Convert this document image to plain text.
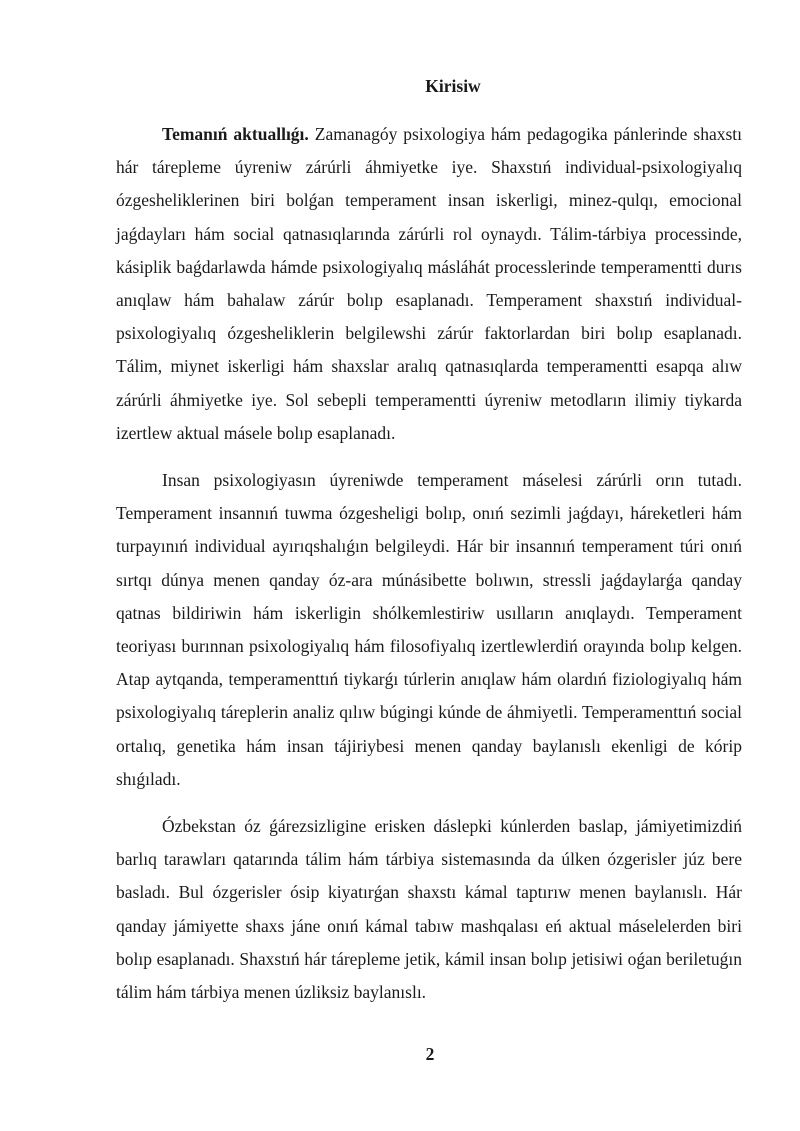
Kirisiw

Temanıń aktuallıǵı. Zamanagóy psixologiya hám pedagogika pánlerinde shaxstı hár tárepleme úyreniw zárúrli áhmiyetke iye. Shaxstıń individual-psixologiyalıq ózgesheliklerinen biri bolǵan temperament insan iskerligi, minez-qulqı, emocional jaǵdayları hám social qatnasıqlarında zárúrli rol oynaydı. Tálim-tárbiya processinde, kásiplik baǵdarlawda hámde psixologiyalıq másláhát processlerinde temperamentti durıs anıqlaw hám bahalaw zárúr bolıp esaplanadı. Temperament shaxstıń individual-psixologiyalıq ózgesheliklerin belgilewshi zárúr faktorlardan biri bolıp esaplanadı. Tálim, miynet iskerligi hám shaxslar aralıq qatnasıqlarda temperamentti esapqa alıw zárúrli áhmiyetke iye. Sol sebepli temperamentti úyreniw metodların ilimiy tiykarda izertlew aktual másele bolıp esaplanadı.

Insan psixologiyasın úyreniwde temperament máselesi zárúrli orın tutadı. Temperament insannıń tuwma ózgesheligi bolıp, onıń sezimli jaǵdayı, háreketleri hám turpayınıń individual ayırıqshalıǵın belgileydi. Hár bir insannıń temperament túri onıń sırtqı dúnya menen qanday óz-ara múnásibette bolıwın, stressli jaǵdaylarǵa qanday qatnas bildiriwin hám iskerligin shólkemlestiriw usılların anıqlaydı. Temperament teoriyası burınnan psixologiyalıq hám filosofiyalıq izertlewlerdiń orayında bolıp kelgen. Atap aytqanda, temperamenttıń tiykarǵı túrlerin anıqlaw hám olardıń fiziologiyalıq hám psixologiyalıq táreplerin analiz qılıw búgingi kúnde de áhmiyetli. Temperamenttıń social ortalıq, genetika hám insan tájiriybesi menen qanday baylanıslı ekenligi de kórip shıǵıladı.

Ózbekstan óz ǵárezsizligine erisken dáslepki kúnlerden baslap, jámiyetimizdiń barlıq tarawları qatarında tálim hám tárbiya sistemasında da úlken ózgerisler júz bere basladı. Bul ózgerisler ósip kiyatırǵan shaxstı kámal taptırıw menen baylanıslı. Hár qanday jámiyette shaxs jáne onıń kámal tabıw mashqalası eń aktual máselelerden biri bolıp esaplanadı. Shaxstıń hár tárepleme jetik, kámil insan bolıp jetisiwi oǵan beriletuǵın tálim hám tárbiya menen úzliksiz baylanıslı.

2
